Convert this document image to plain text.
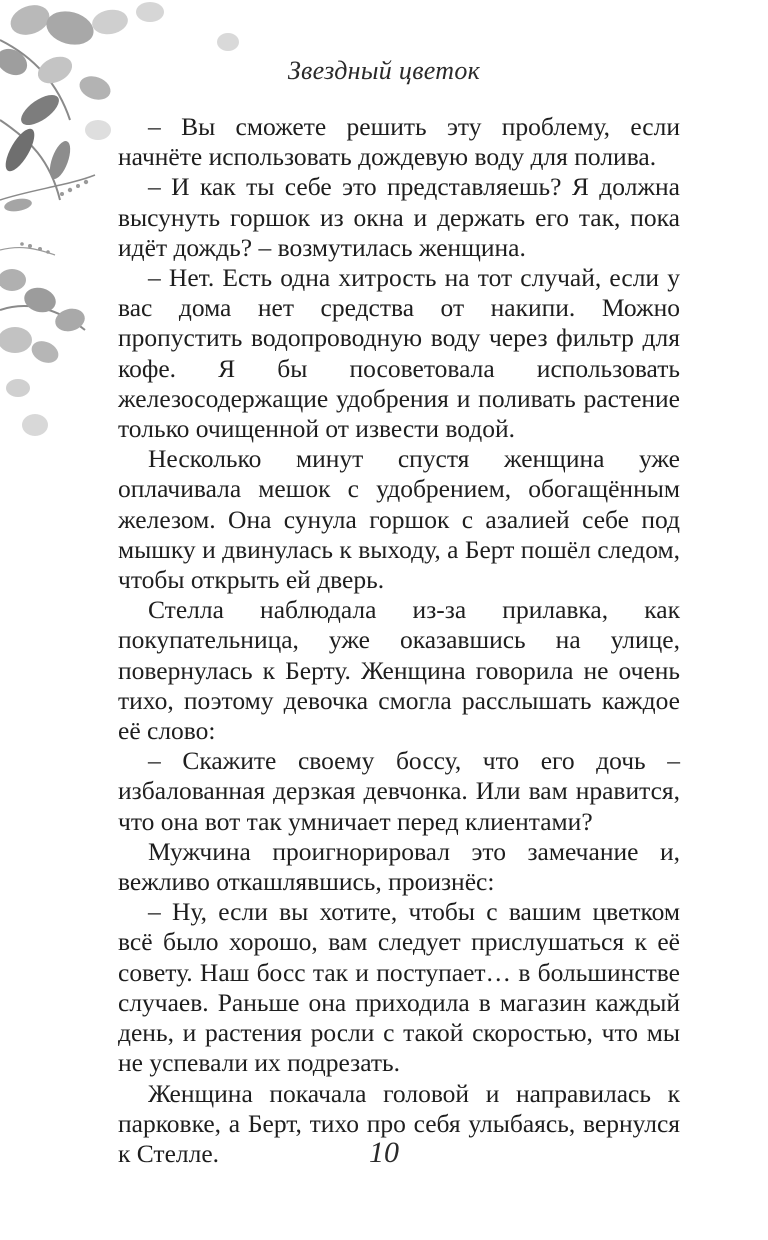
Звездный цветок

– Вы сможете решить эту проблему, если начнёте использовать дождевую воду для полива.

– И как ты себе это представляешь? Я должна высунуть горшок из окна и держать его так, пока идёт дождь? – возмутилась женщина.

– Нет. Есть одна хитрость на тот случай, если у вас дома нет средства от накипи. Можно пропустить водопроводную воду через фильтр для кофе. Я бы посоветовала использовать железосодержащие удобрения и поливать растение только очищенной от извести водой.

Несколько минут спустя женщина уже оплачивала мешок с удобрением, обогащённым железом. Она сунула горшок с азалией себе под мышку и двинулась к выходу, а Берт пошёл следом, чтобы открыть ей дверь.

Стелла наблюдала из-за прилавка, как покупательница, уже оказавшись на улице, повернулась к Берту. Женщина говорила не очень тихо, поэтому девочка смогла расслышать каждое её слово:

– Скажите своему боссу, что его дочь – избалованная дерзкая девчонка. Или вам нравится, что она вот так умничает перед клиентами?

Мужчина проигнорировал это замечание и, вежливо откашлявшись, произнёс:

– Ну, если вы хотите, чтобы с вашим цветком всё было хорошо, вам следует прислушаться к её совету. Наш босс так и поступает… в большинстве случаев. Раньше она приходила в магазин каждый день, и растения росли с такой скоростью, что мы не успевали их подрезать.

Женщина покачала головой и направилась к парковке, а Берт, тихо про себя улыбаясь, вернулся к Стелле.	10
